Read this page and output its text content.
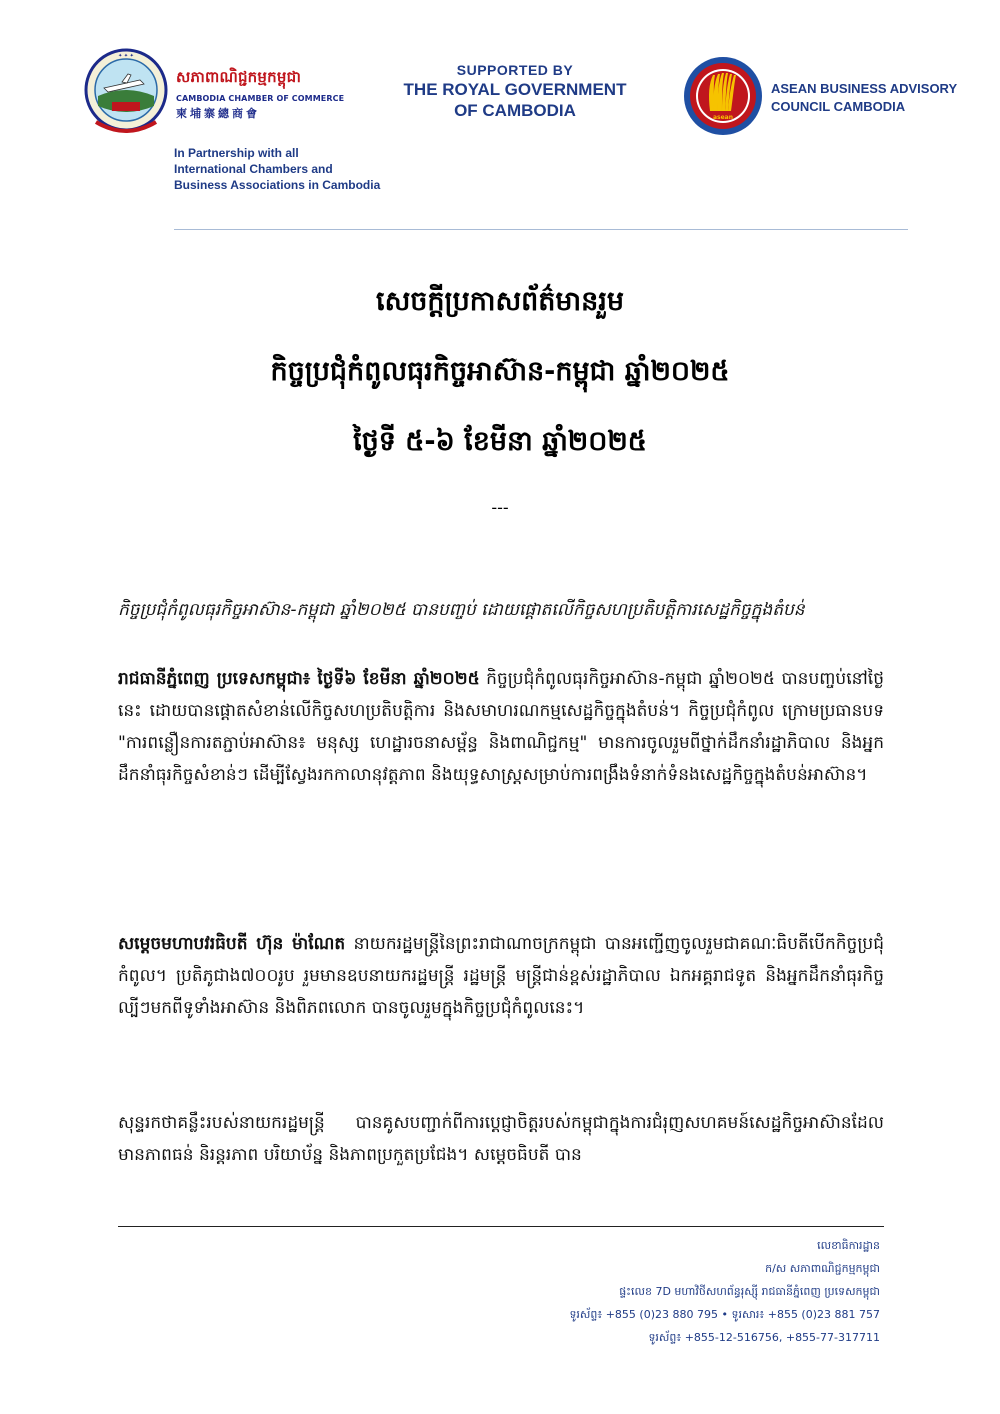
✦ ✦ ✦
សភាពាណិជ្ជកម្មកម្ពុជា
CAMBODIA CHAMBER OF COMMERCE
柬埔寨總商會
In Partnership with all
International Chambers and
Business Associations in Cambodia
SUPPORTED BY
THE ROYAL GOVERNMENT
OF CAMBODIA	asean
ASEAN BUSINESS ADVISORY
COUNCIL CAMBODIA
សេចក្តីប្រកាសព័ត៌មានរួម
កិច្ចប្រជុំកំពូលធុរកិច្ចអាស៊ាន-កម្ពុជា ឆ្នាំ២០២៥
ថ្ងៃទី ៥-៦ ខែមីនា ឆ្នាំ២០២៥
---
កិច្ចប្រជុំកំពូលធុរកិច្ចអាស៊ាន-កម្ពុជា ឆ្នាំ២០២៥ បានបញ្ចប់ ដោយផ្តោតលើកិច្ចសហប្រតិបត្តិការសេដ្ឋកិច្ចក្នុងតំបន់
រាជធានីភ្នំពេញ ប្រទេសកម្ពុជា៖ ថ្ងៃទី៦ ខែមីនា ឆ្នាំ២០២៥ កិច្ចប្រជុំកំពូលធុរកិច្ចអាស៊ាន-កម្ពុជា ឆ្នាំ២០២៥ បានបញ្ចប់នៅថ្ងៃនេះ ដោយបានផ្តោតសំខាន់លើកិច្ចសហប្រតិបត្តិការ និងសមាហរណកម្មសេដ្ឋកិច្ចក្នុងតំបន់។ កិច្ចប្រជុំកំពូល ក្រោមប្រធានបទ "ការពន្លឿនការតភ្ជាប់អាស៊ាន៖ មនុស្ស ហេដ្ឋារចនាសម្ព័ន្ធ និងពាណិជ្ជកម្ម" មានការចូលរួមពីថ្នាក់ដឹកនាំរដ្ឋាភិបាល និងអ្នកដឹកនាំធុរកិច្ចសំខាន់ៗ ដើម្បីស្វែងរកកាលានុវត្តភាព និងយុទ្ធសាស្ត្រសម្រាប់ការពង្រឹងទំនាក់ទំនងសេដ្ឋកិច្ចក្នុងតំបន់អាស៊ាន។
សម្តេចមហាបវរធិបតី ហ៊ុន ម៉ាណែត នាយករដ្ឋមន្ត្រីនៃព្រះរាជាណាចក្រកម្ពុជា បានអញ្ជើញចូលរួមជាគណៈធិបតីបើកកិច្ចប្រជុំកំពូល។ ប្រតិភូជាង៧០០រូប រួមមានឧបនាយករដ្ឋមន្ត្រី រដ្ឋមន្ត្រី មន្ត្រីជាន់ខ្ពស់រដ្ឋាភិបាល ឯកអគ្គរាជទូត និងអ្នកដឹកនាំធុរកិច្ចល្បីៗមកពីទូទាំងអាស៊ាន និងពិភពលោក បានចូលរួមក្នុងកិច្ចប្រជុំកំពូលនេះ។
សុន្ទរកថាគន្លឹះរបស់នាយករដ្ឋមន្ត្រី បានគូសបញ្ជាក់ពីការប្តេជ្ញាចិត្តរបស់កម្ពុជាក្នុងការជំរុញសហគមន៍សេដ្ឋកិច្ចអាស៊ានដែលមានភាពធន់ និរន្តរភាព បរិយាប័ន្ន និងភាពប្រកួតប្រជែង។ សម្តេចធិបតី បាន
លេខាធិការដ្ឋាន
ក/ស សភាពាណិជ្ជកម្មកម្ពុជា
ផ្ទះលេខ 7D មហាវិថីសហព័ន្ធរុស្ស៊ី រាជធានីភ្នំពេញ ប្រទេសកម្ពុជា
ទូរស័ព្ទ៖ +855 (0)23 880 795 • ទូរសារ៖ +855 (0)23 881 757
ទូរស័ព្ទ៖ +855-12-516756, +855-77-317711
